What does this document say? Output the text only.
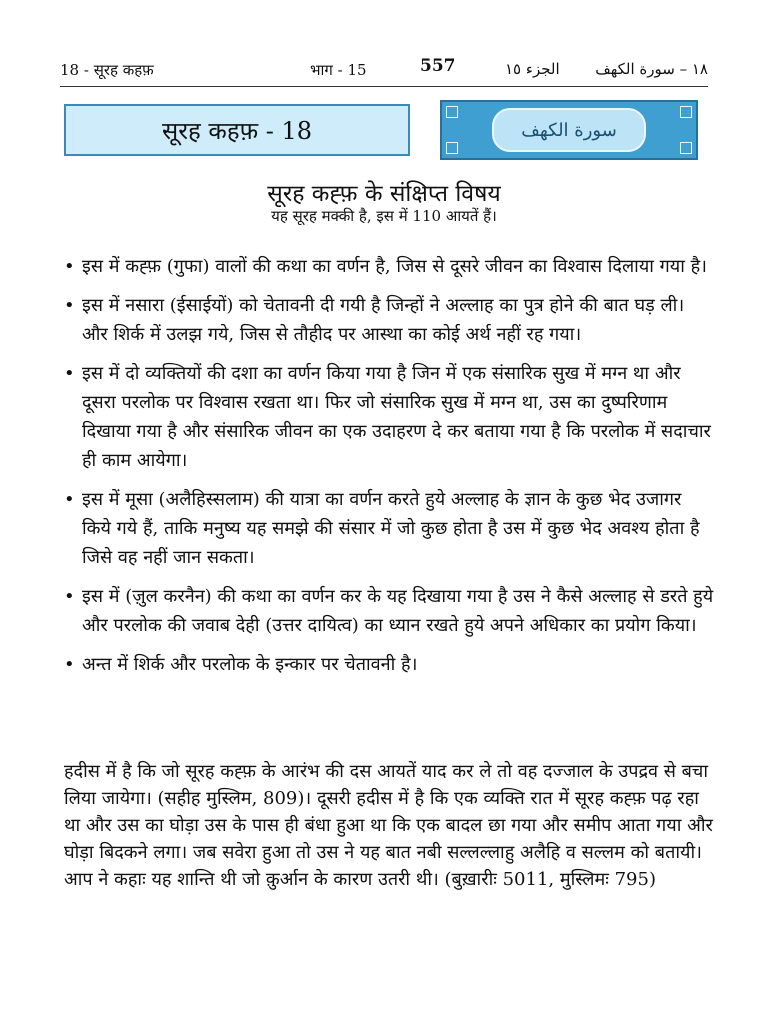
18 - सूरह कहफ़	भाग - 15	557	الجزء ١٥ ١٨ – سورة الكهف
सूरह कहफ़ - 18	سورة الكهف
सूरह कह्फ़ के संक्षिप्त विषय
यह सूरह मक्की है, इस में 110 आयतें हैं।
• इस में कह्फ़ (गुफा) वालों की कथा का वर्णन है, जिस से दूसरे जीवन का विश्वास दिलाया गया है।
• इस में नसारा (ईसाईयों) को चेतावनी दी गयी है जिन्हों ने अल्लाह का पुत्र होने की बात घड़ ली। और शिर्क में उलझ गये, जिस से तौहीद पर आस्था का कोई अर्थ नहीं रह गया।
• इस में दो व्यक्तियों की दशा का वर्णन किया गया है जिन में एक संसारिक सुख में मग्न था और दूसरा परलोक पर विश्वास रखता था। फिर जो संसारिक सुख में मग्न था, उस का दुष्परिणाम दिखाया गया है और संसारिक जीवन का एक उदाहरण दे कर बताया गया है कि परलोक में सदाचार ही काम आयेगा।
• इस में मूसा (अलैहिस्सलाम) की यात्रा का वर्णन करते हुये अल्लाह के ज्ञान के कुछ भेद उजागर किये गये हैं, ताकि मनुष्य यह समझे की संसार में जो कुछ होता है उस में कुछ भेद अवश्य होता है जिसे वह नहीं जान सकता।
• इस में (ज़ुल करनैन) की कथा का वर्णन कर के यह दिखाया गया है उस ने कैसे अल्लाह से डरते हुये और परलोक की जवाब देही (उत्तर दायित्व) का ध्यान रखते हुये अपने अधिकार का प्रयोग किया।
• अन्त में शिर्क और परलोक के इन्कार पर चेतावनी है।
हदीस में है कि जो सूरह कह्फ़ के आरंभ की दस आयतें याद कर ले तो वह दज्जाल के उपद्रव से बचा लिया जायेगा। (सहीह मुस्लिम, 809)। दूसरी हदीस में है कि एक व्यक्ति रात में सूरह कह्फ़ पढ़ रहा था और उस का घोड़ा उस के पास ही बंधा हुआ था कि एक बादल छा गया और समीप आता गया और घोड़ा बिदकने लगा। जब सवेरा हुआ तो उस ने यह बात नबी सल्लल्लाहु अलैहि व सल्लम को बतायी। आप ने कहाः यह शान्ति थी जो क़ुर्आन के कारण उतरी थी। (बुख़ारीः 5011, मुस्लिमः 795)
